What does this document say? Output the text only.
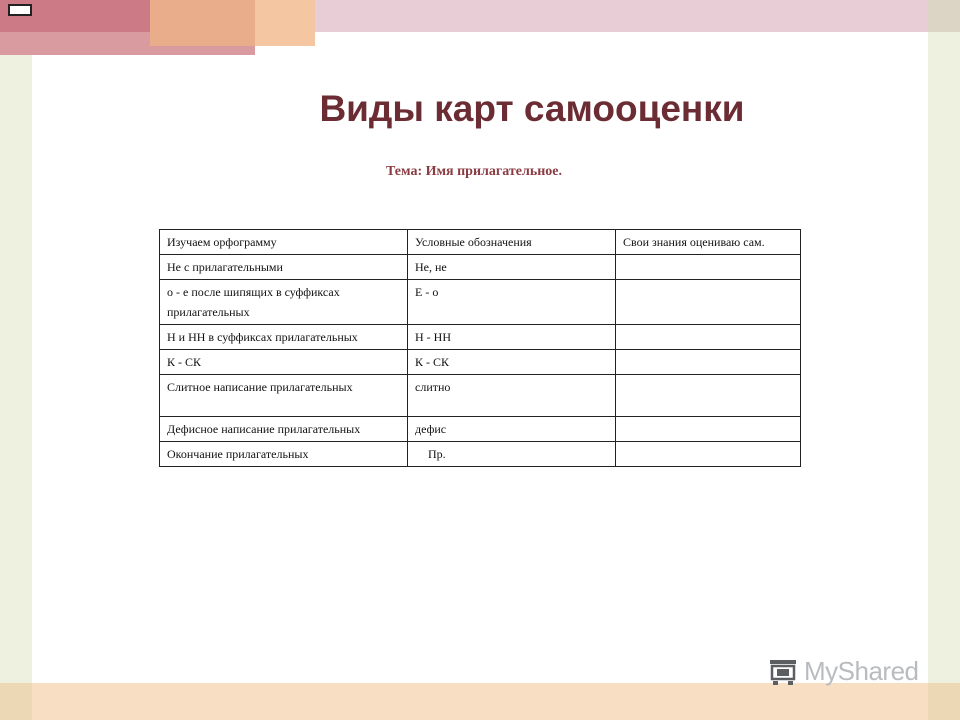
Виды карт самооценки
Тема: Имя прилагательное.
Изучаем орфограмму	Условные обозначения	Свои знания оцениваю сам.
Не с прилагательными	Не, не	
о - е после шипящих в суффиксах прилагательных	Е - о	
Н и НН в суффиксах прилагательных	Н - НН	
К - СК	К - СК	
Слитное написание прилагательных	слитно	
Дефисное написание прилагательных	дефис	
Окончание прилагательных	Пр.	
MyShared
